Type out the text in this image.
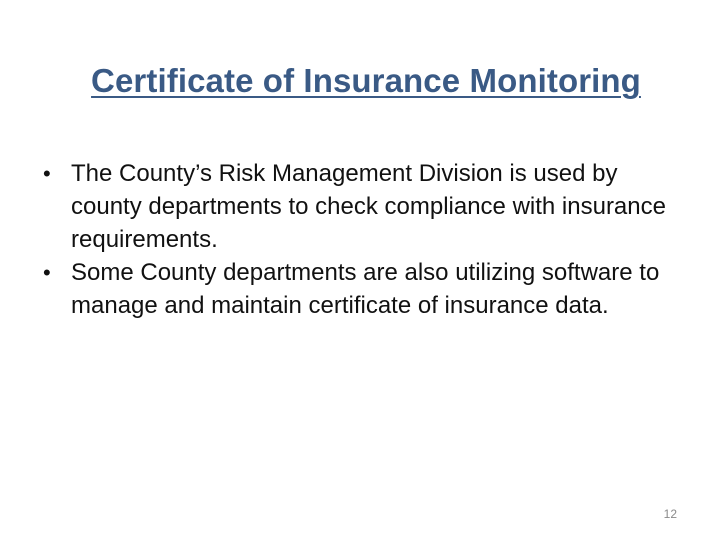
Certificate of Insurance Monitoring
• The County’s Risk Management Division is used by county departments to check compliance with insurance requirements.
• Some County departments are also utilizing software to manage and maintain certificate of insurance data.
12
